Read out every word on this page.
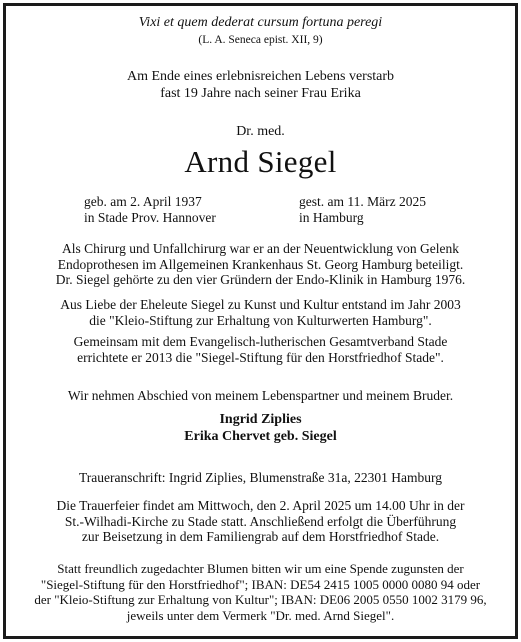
Vixi et quem dederat cursum fortuna peregi
(L. A. Seneca epist. XII, 9)
Am Ende eines erlebnisreichen Lebens verstarb
fast 19 Jahre nach seiner Frau Erika
Dr. med.
Arnd Siegel
geb. am 2. April 1937
in Stade Prov. Hannover
gest. am 11. März 2025
in Hamburg
Als Chirurg und Unfallchirurg war er an der Neuentwicklung von Gelenk
Endoprothesen im Allgemeinen Krankenhaus St. Georg Hamburg beteiligt.
Dr. Siegel gehörte zu den vier Gründern der Endo-Klinik in Hamburg 1976.
Aus Liebe der Eheleute Siegel zu Kunst und Kultur entstand im Jahr 2003
die "Kleio-Stiftung zur Erhaltung von Kulturwerten Hamburg".
Gemeinsam mit dem Evangelisch-lutherischen Gesamtverband Stade
errichtete er 2013 die "Siegel-Stiftung für den Horstfriedhof Stade".
Wir nehmen Abschied von meinem Lebenspartner und meinem Bruder.
Ingrid Ziplies
Erika Chervet geb. Siegel
Traueranschrift: Ingrid Ziplies, Blumenstraße 31a, 22301 Hamburg
Die Trauerfeier findet am Mittwoch, den 2. April 2025 um 14.00 Uhr in der
St.-Wilhadi-Kirche zu Stade statt. Anschließend erfolgt die Überführung
zur Beisetzung in dem Familiengrab auf dem Horstfriedhof Stade.
Statt freundlich zugedachter Blumen bitten wir um eine Spende zugunsten der
"Siegel-Stiftung für den Horstfriedhof"; IBAN: DE54 2415 1005 0000 0080 94 oder
der "Kleio-Stiftung zur Erhaltung von Kultur"; IBAN: DE06 2005 0550 1002 3179 96,
jeweils unter dem Vermerk "Dr. med. Arnd Siegel".
